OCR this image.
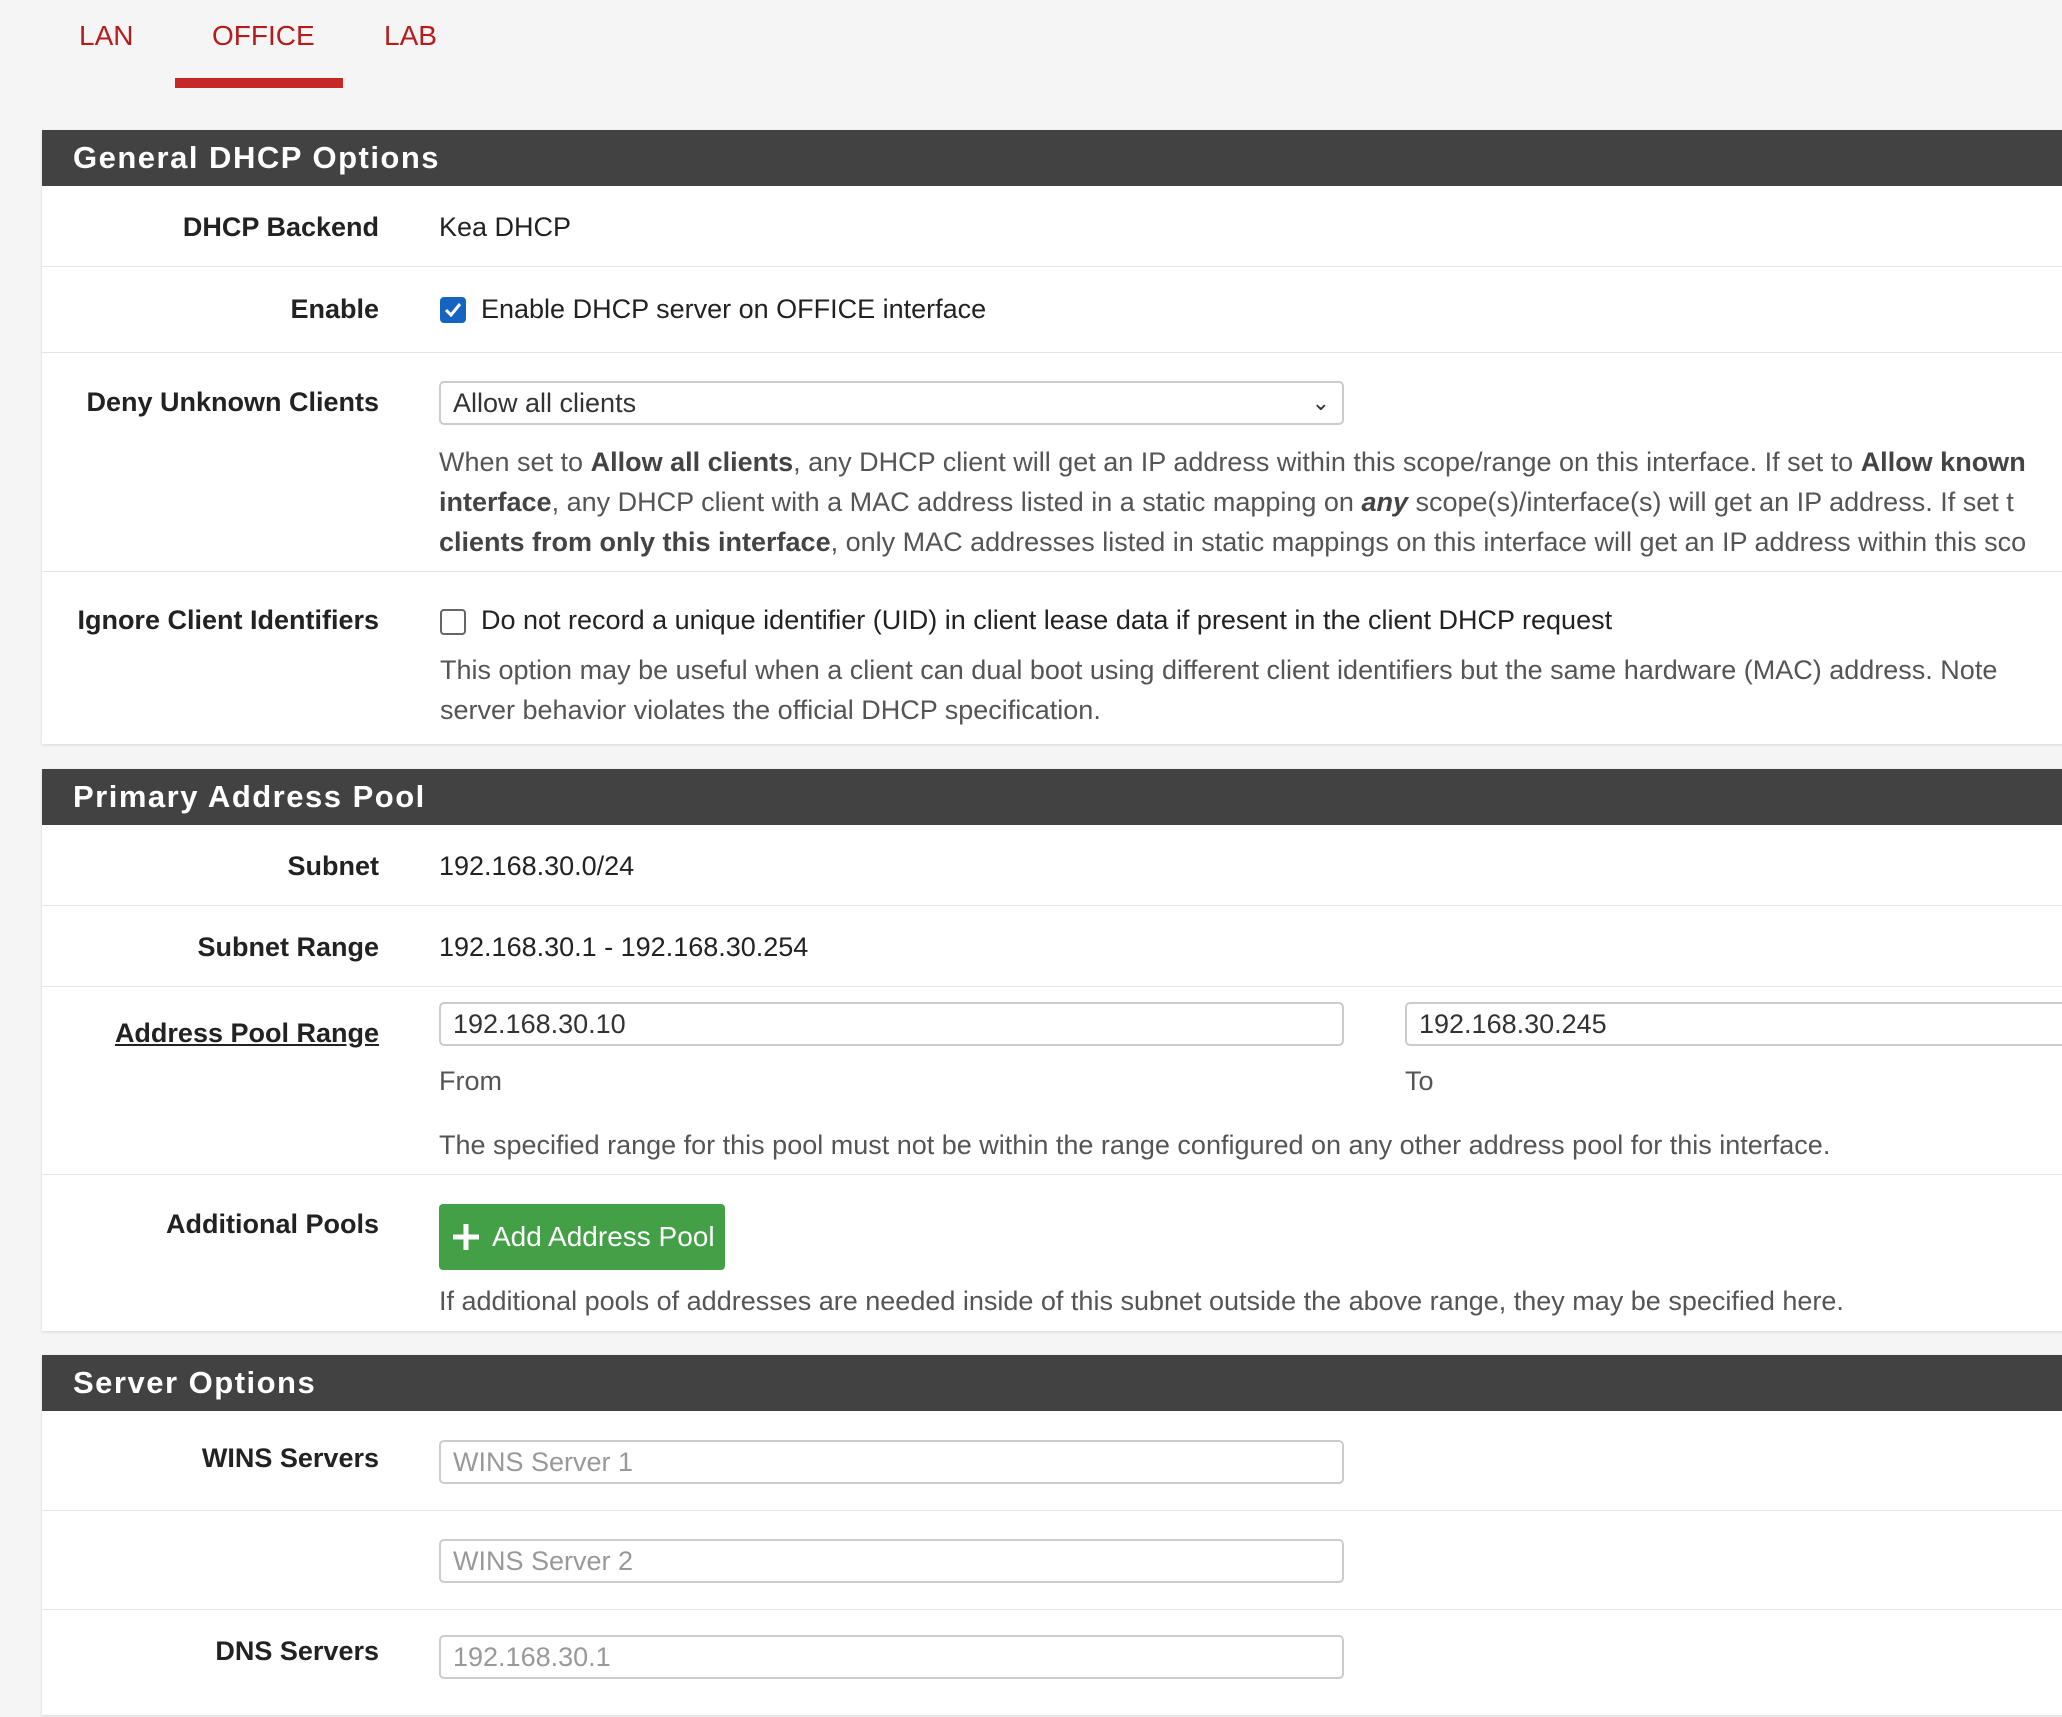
LAN	OFFICE LAB
General DHCP Options
DHCP Backend Kea DHCP
Enable	Enable DHCP server on OFFICE interface
Deny Unknown Clients	Allow all clients	⌄
When set to Allow all clients, any DHCP client will get an IP address within this scope/range on this interface. If set to Allow known
interface, any DHCP client with a MAC address listed in a static mapping on any scope(s)/interface(s) will get an IP address. If set t
clients from only this interface, only MAC addresses listed in static mappings on this interface will get an IP address within this sco
Ignore Client Identifiers	Do not record a unique identifier (UID) in client lease data if present in the client DHCP request
This option may be useful when a client can dual boot using different client identifiers but the same hardware (MAC) address. Note
server behavior violates the official DHCP specification.
Primary Address Pool
Subnet 192.168.30.0/24
Subnet Range 192.168.30.1 - 192.168.30.254
Address Pool Range	192.168.30.10
From
192.168.30.245
To
The specified range for this pool must not be within the range configured on any other address pool for this interface.
Additional Pools	Add Address Pool
If additional pools of addresses are needed inside of this subnet outside the above range, they may be specified here.
Server Options
WINS Servers	WINS Server 1
WINS Server 2
DNS Servers	192.168.30.1
